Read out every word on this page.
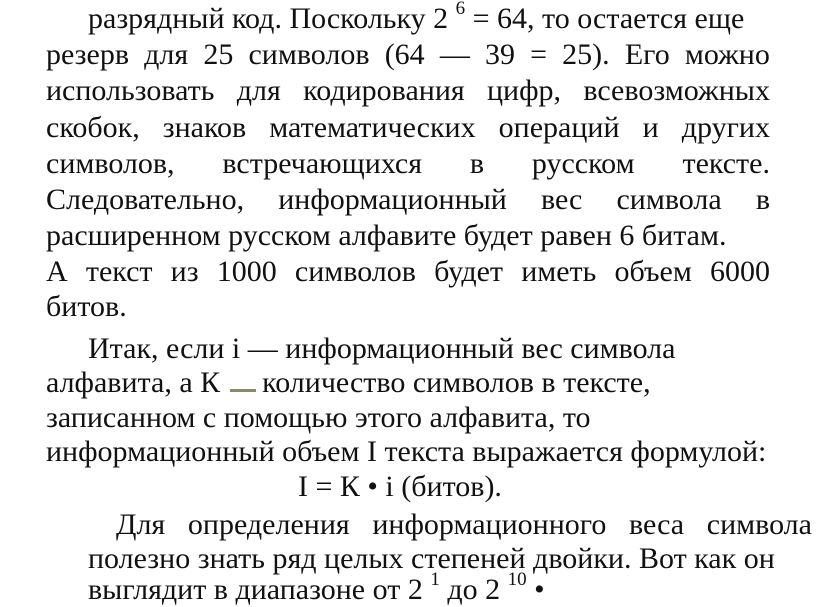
разрядный код. Поскольку 2 $^6$ = 64, то остается еще
резерв для 25 символов (64 — 39 = 25). Его можно
использовать для кодирования цифр, всевозможных
скобок, знаков математических операций и других
символов, встречающихся в русском тексте.
Следовательно, информационный вес символа в
расширенном русском алфавите будет равен 6 битам.
А текст из 1000 символов будет иметь объем 6000
битов.
Итак, если i — информационный вес символа
алфавита, а К количество символов в тексте,
записанном с помощью этого алфавита, то
информационный объем I текста выражается формулой:
I = К • i (битов).
Для определения информационного веса символа
полезно знать ряд целых степеней двойки. Вот как он
выглядит в диапазоне от 2 $^1$ до 2 $^{10}$ •
